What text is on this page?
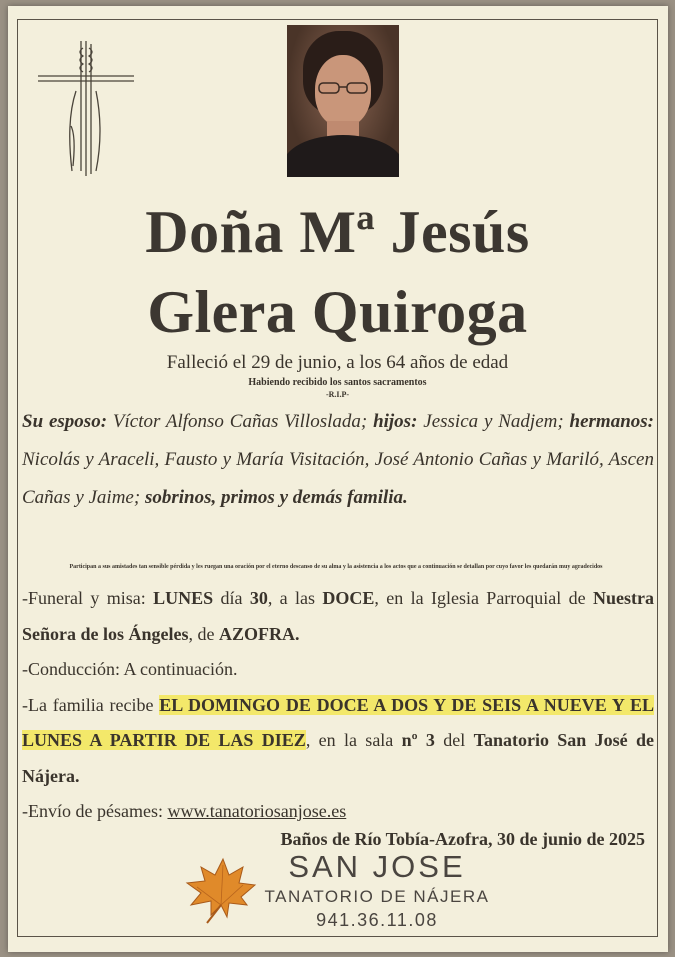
Doña Mª Jesús
Glera Quiroga
Falleció el 29 de junio, a los 64 años de edad
Habiendo recibido los santos sacramentos
-R.I.P-
Su esposo: Víctor Alfonso Cañas Villoslada; hijos: Jessica y Nadjem; hermanos: Nicolás y Araceli, Fausto y María Visitación, José Antonio Cañas y Mariló, Ascen Cañas y Jaime; sobrinos, primos y demás familia.
Participan a sus amistades tan sensible pérdida y les ruegan una oración por el eterno descanso de su alma y la asistencia a los actos que a continuación se detallan por cuyo favor les quedarán muy agradecidos

-Funeral y misa: LUNES día 30, a las DOCE, en la Iglesia Parroquial de Nuestra Señora de los Ángeles, de AZOFRA.

-Conducción: A continuación.

-La familia recibe EL DOMINGO DE DOCE A DOS Y DE SEIS A NUEVE Y EL LUNES A PARTIR DE LAS DIEZ, en la sala nº 3 del Tanatorio San José de Nájera.

-Envío de pésames: www.tanatoriosanjose.es

Baños de Río Tobía-Azofra, 30 de junio de 2025
SAN JOSE
TANATORIO DE NÁJERA
941.36.11.08
